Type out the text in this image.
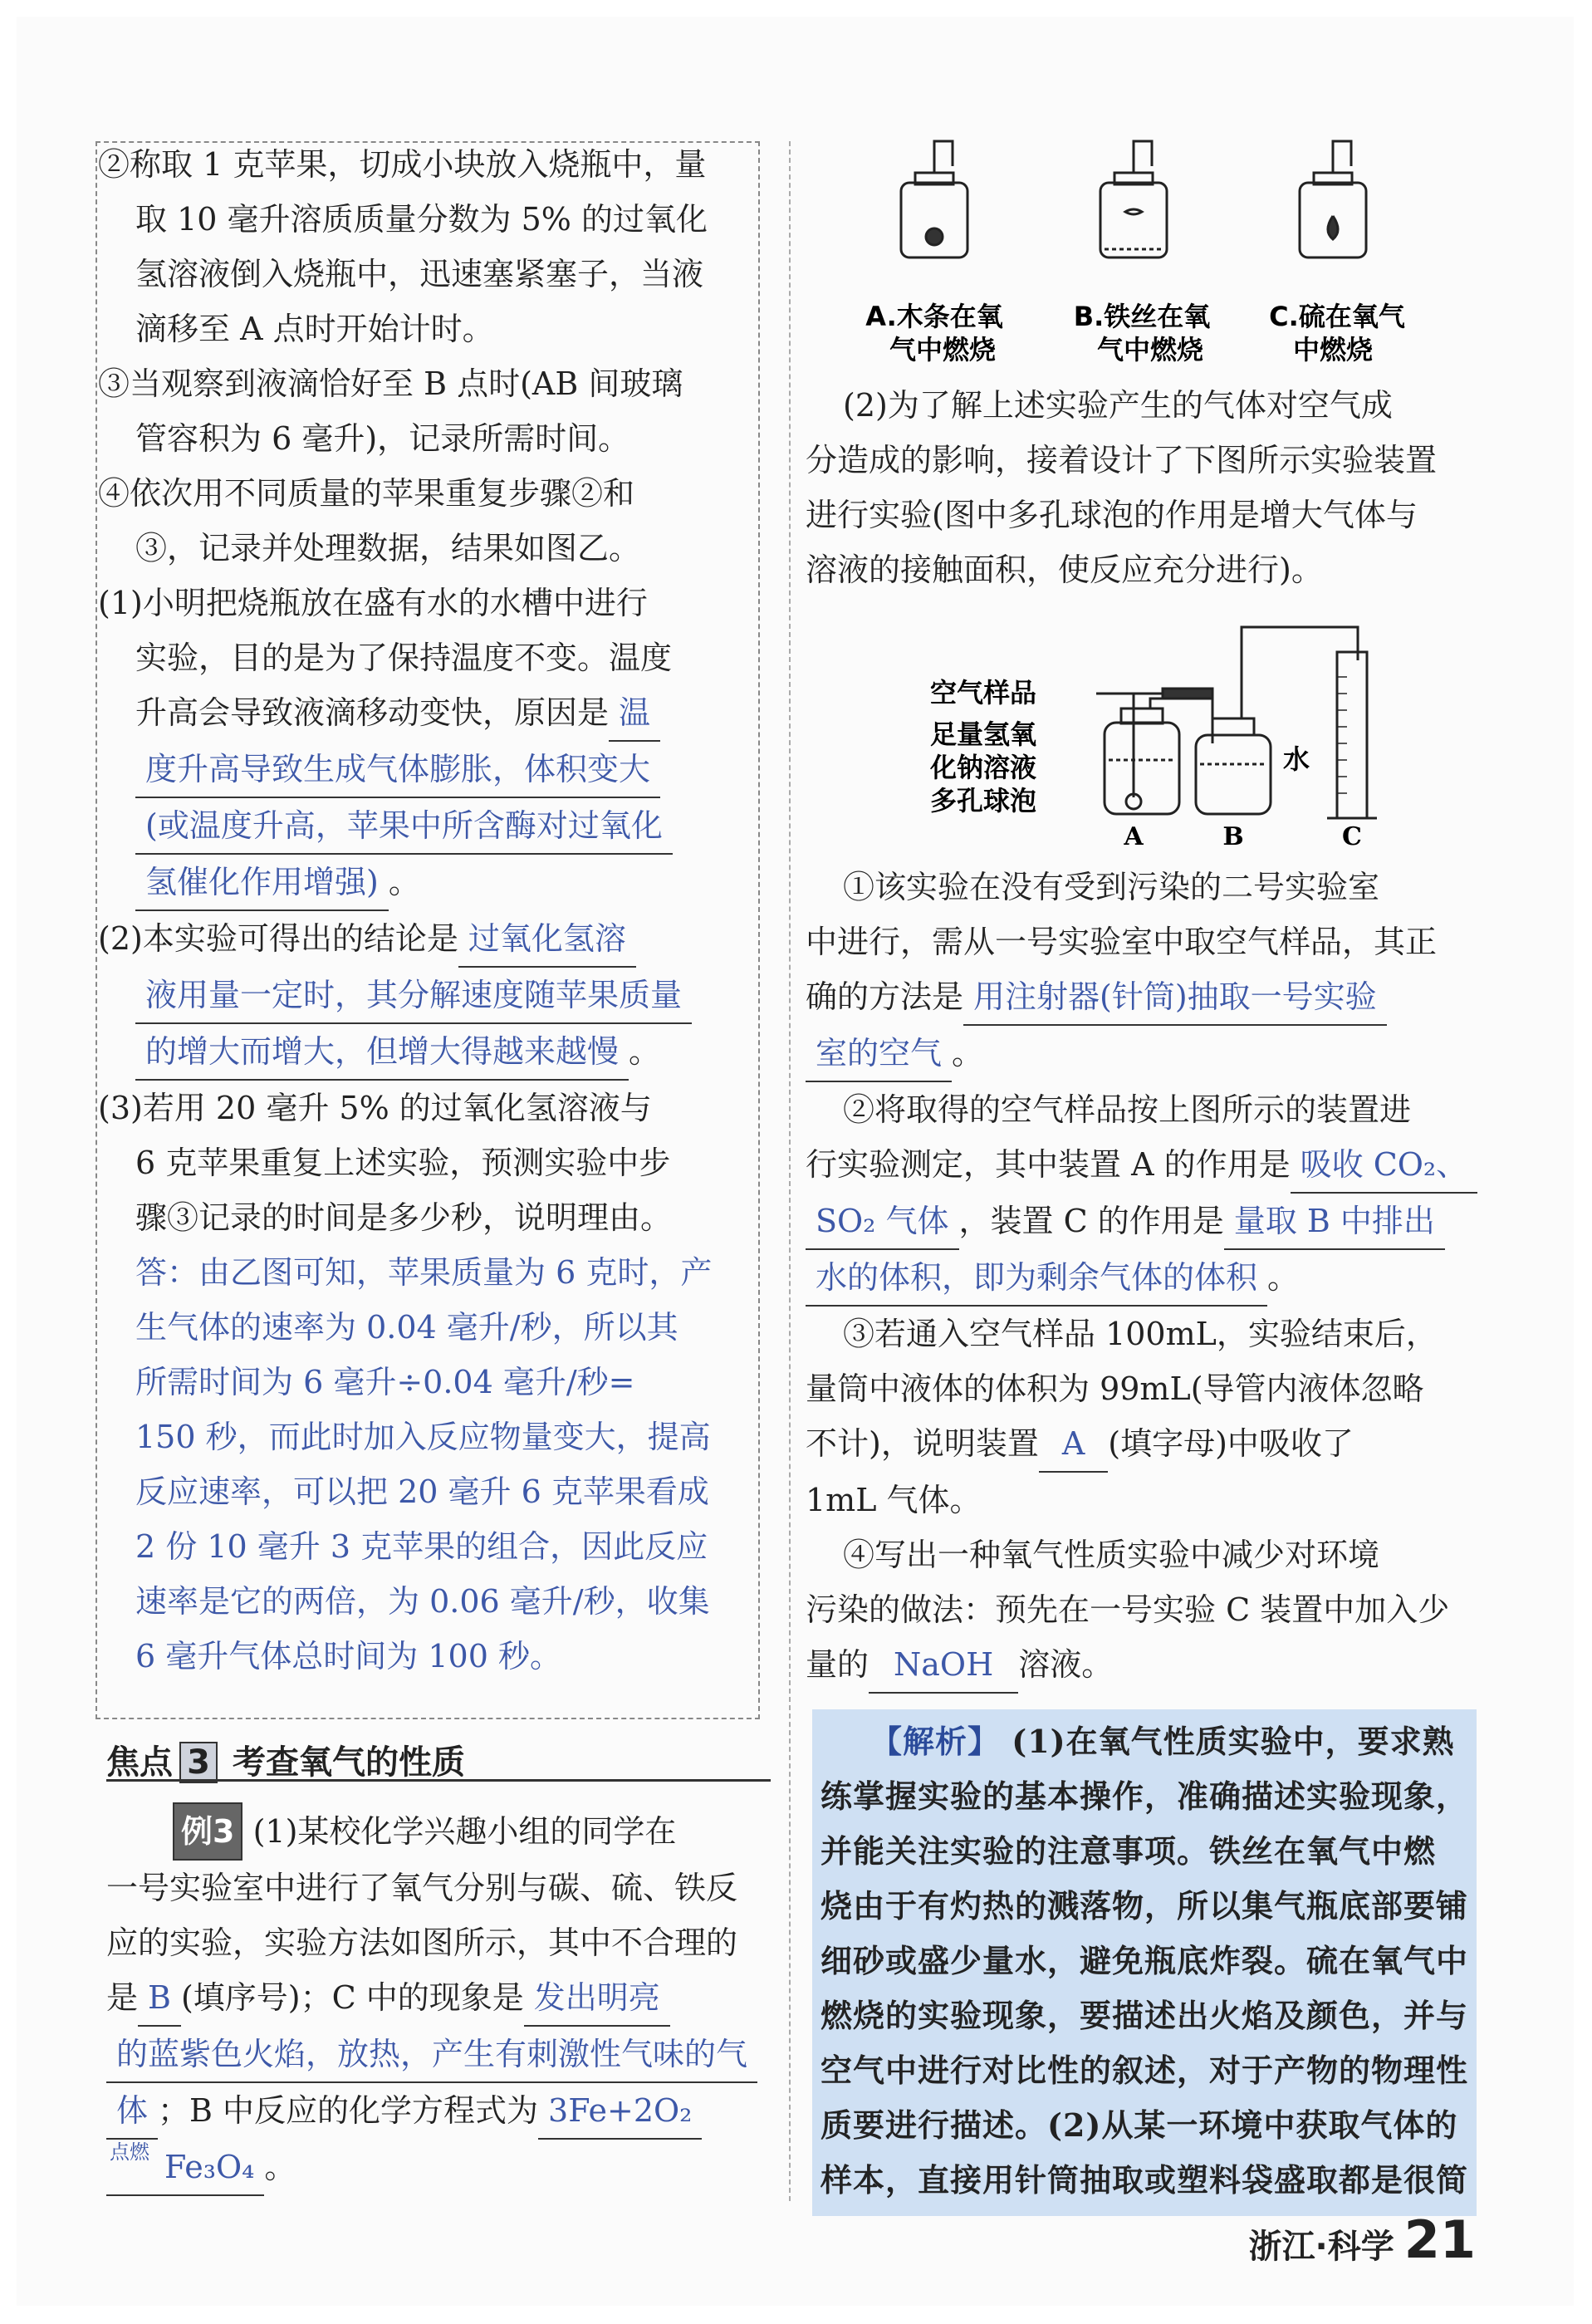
②称取 1 克苹果，切成小块放入烧瓶中，量
取 10 毫升溶质质量分数为 5% 的过氧化
氢溶液倒入烧瓶中，迅速塞紧塞子，当液
滴移至 A 点时开始计时。
③当观察到液滴恰好至 B 点时(AB 间玻璃
管容积为 6 毫升)，记录所需时间。
④依次用不同质量的苹果重复步骤②和
③，记录并处理数据，结果如图乙。
(1)小明把烧瓶放在盛有水的水槽中进行
实验，目的是为了保持温度不变。温度
升高会导致液滴移动变快，原因是 温
度升高导致生成气体膨胀，体积变大
(或温度升高，苹果中所含酶对过氧化
氢催化作用增强) 。
(2)本实验可得出的结论是 过氧化氢溶
液用量一定时，其分解速度随苹果质量
的增大而增大，但增大得越来越慢 。
(3)若用 20 毫升 5% 的过氧化氢溶液与
6 克苹果重复上述实验，预测实验中步
骤③记录的时间是多少秒，说明理由。
答：由乙图可知，苹果质量为 6 克时，产
生气体的速率为 0.04 毫升/秒，所以其
所需时间为 6 毫升÷0.04 毫升/秒=
150 秒，而此时加入反应物量变大，提高
反应速率，可以把 20 毫升 6 克苹果看成
2 份 10 毫升 3 克苹果的组合，因此反应
速率是它的两倍，为 0.06 毫升/秒，收集
6 毫升气体总时间为 100 秒。
焦点 3 考查氧气的性质
例3 (1)某校化学兴趣小组的同学在
一号实验室中进行了氧气分别与碳、硫、铁反
应的实验，实验方法如图所示，其中不合理的
是 B (填序号)；C 中的现象是 发出明亮
的蓝紫色火焰，放热，产生有刺激性气味的气
体 ；B 中反应的化学方程式为 3Fe+2O₂
点燃 Fe₃O₄ 。
A.木条在氧
气中燃烧
B.铁丝在氧
气中燃烧
C.硫在氧气
中燃烧
(2)为了解上述实验产生的气体对空气成
分造成的影响，接着设计了下图所示实验装置
进行实验(图中多孔球泡的作用是增大气体与
溶液的接触面积，使反应充分进行)。
空气样品
足量氢氧
化钠溶液
多孔球泡
水
A	B	C
①该实验在没有受到污染的二号实验室
中进行，需从一号实验室中取空气样品，其正
确的方法是 用注射器(针筒)抽取一号实验
室的空气 。
②将取得的空气样品按上图所示的装置进
行实验测定，其中装置 A 的作用是 吸收 CO₂、
SO₂ 气体 ，装置 C 的作用是 量取 B 中排出
水的体积，即为剩余气体的体积 。
③若通入空气样品 100mL，实验结束后，
量筒中液体的体积为 99mL(导管内液体忽略
不计)，说明装置 A (填字母)中吸收了
1mL 气体。
④写出一种氧气性质实验中减少对环境
污染的做法：预先在一号实验 C 装置中加入少
量的 NaOH 溶液。
【解析】 (1)在氧气性质实验中，要求熟
练掌握实验的基本操作，准确描述实验现象，
并能关注实验的注意事项。铁丝在氧气中燃
烧由于有灼热的溅落物，所以集气瓶底部要铺
细砂或盛少量水，避免瓶底炸裂。硫在氧气中
燃烧的实验现象，要描述出火焰及颜色，并与
空气中进行对比性的叙述，对于产物的物理性
质要进行描述。(2)从某一环境中获取气体的
样本，直接用针筒抽取或塑料袋盛取都是很简
浙江·科学 21
